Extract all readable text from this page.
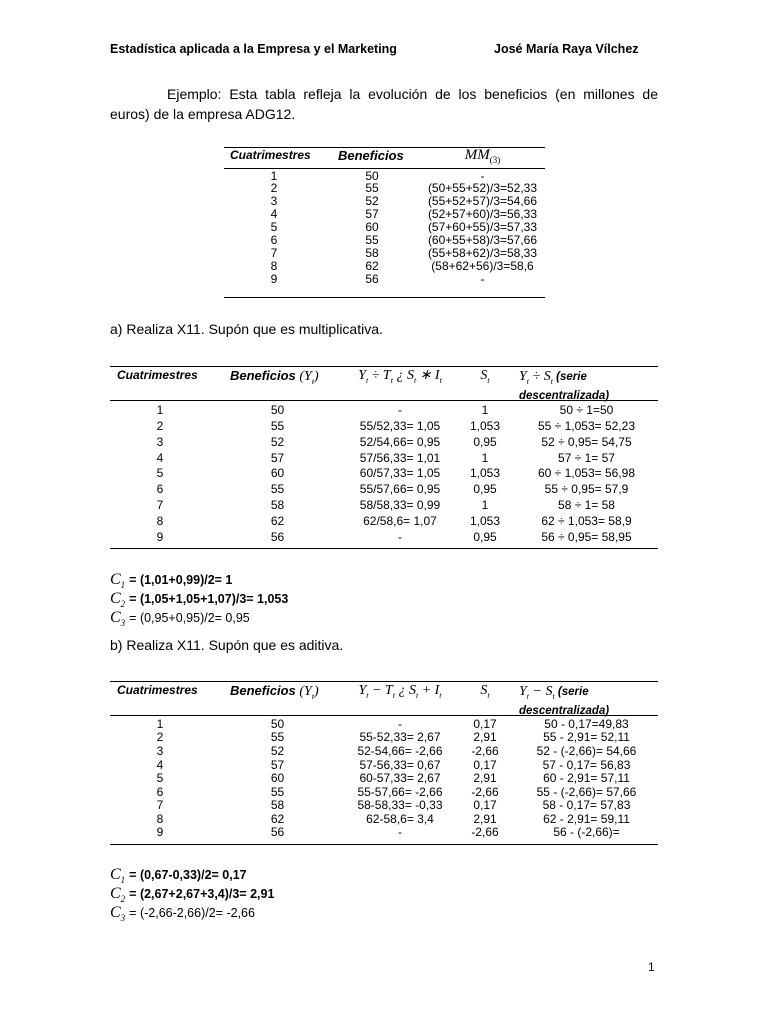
Estadística aplicada a la Empresa y el Marketing	José María Raya Vílchez
Ejemplo: Esta tabla refleja la evolución de los beneficios (en millones de euros) de la empresa ADG12.
Cuatrimestres	Beneficios	$MM_{(3)}$
1	50	-
2	55	(50+55+52)/3=52,33
3	52	(55+52+57)/3=54,66
4	57	(52+57+60)/3=56,33
5	60	(57+60+55)/3=57,33
6	55	(60+55+58)/3=57,66
7	58	(55+58+62)/3=58,33
8	62	(58+62+56)/3=58,6
9	56	-
a) Realiza X11. Supón que es multiplicativa.
Cuatrimestres	Beneficios $(Y_t)$	$Y_t \div T_t$ ¿ $S_t$ ∗ $I_t$	$S_t$	$Y_t \div S_t$ (serie
descentralizada)
1	50	-	1	50 ÷ 1=50
2	55	55/52,33= 1,05	1,053	55 ÷ 1,053= 52,23
3	52	52/54,66= 0,95	0,95	52 ÷ 0,95= 54,75
4	57	57/56,33= 1,01	1	57 ÷ 1= 57
5	60	60/57,33= 1,05	1,053	60 ÷ 1,053= 56,98
6	55	55/57,66= 0,95	0,95	55 ÷ 0,95= 57,9
7	58	58/58,33= 0,99	1	58 ÷ 1= 58
8	62	62/58,6= 1,07	1,053	62 ÷ 1,053= 58,9
9	56	-	0,95	56 ÷ 0,95= 58,95
$C_1 = (1,01+0,99)/2= 1$
$C_2 = (1,05+1,05+1,07)/3= 1,053$
$C_3 = (0,95+0,95)/2= 0,95$
b) Realiza X11. Supón que es aditiva.
Cuatrimestres	Beneficios $(Y_t)$	$Y_t - T_t$ ¿ $S_t + I_t$	$S_t$	$Y_t - S_t$ (serie
descentralizada)
1	50	-	0,17	50 - 0,17=49,83
2	55	55-52,33= 2,67	2,91	55 - 2,91= 52,11
3	52	52-54,66= -2,66	-2,66	52 - (-2,66)= 54,66
4	57	57-56,33= 0,67	0,17	57 - 0,17= 56,83
5	60	60-57,33= 2,67	2,91	60 - 2,91= 57,11
6	55	55-57,66= -2,66	-2,66	55 - (-2,66)= 57,66
7	58	58-58,33= -0,33	0,17	58 - 0,17= 57,83
8	62	62-58,6= 3,4	2,91	62 - 2,91= 59,11
9	56	-	-2,66	56 - (-2,66)=
$C_1 = (0,67-0,33)/2= 0,17$
$C_2 = (2,67+2,67+3,4)/3= 2,91$
$C_3 = (-2,66-2,66)/2= -2,66$
1
